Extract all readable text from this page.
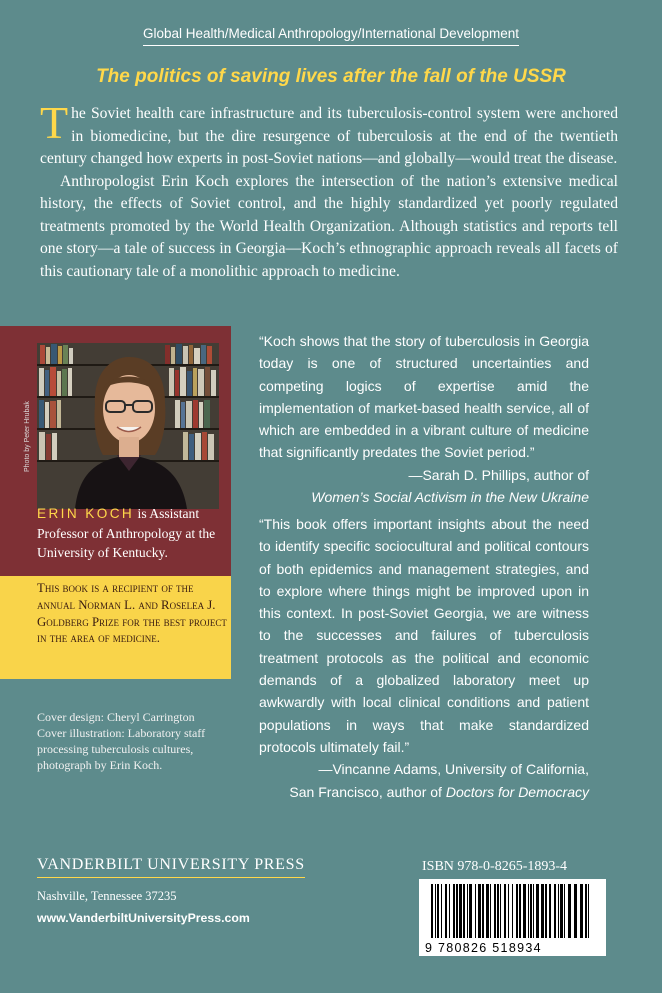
Global Health/Medical Anthropology/International Development
The politics of saving lives after the fall of the USSR

The Soviet health care infrastructure and its tuberculosis-control system were anchored in biomedicine, but the dire resurgence of tuberculosis at the end of the twentieth century changed how experts in post-Soviet nations—and globally—would treat the disease.

Anthropologist Erin Koch explores the intersection of the nation’s extensive medical history, the effects of Soviet control, and the highly standardized yet poorly regulated treatments promoted by the World Health Organization. Although statistics and reports tell one story—a tale of success in Georgia—Koch’s ethnographic approach reveals all facets of this cautionary tale of a monolithic approach to medicine.

Photo by Peter Hrubak
ERIN KOCH is Assistant Professor of Anthropology at the University of Kentucky.
This book is a recipient of the annual Norman L. and Roselea J. Goldberg Prize for the best project in the area of medicine.
Cover design: Cheryl Carrington
Cover illustration: Laboratory staff processing tuberculosis cultures, photograph by Erin Koch.
“Koch shows that the story of tuberculosis in Georgia today is one of structured uncertainties and competing logics of expertise amid the implementation of market-based health service, all of which are embedded in a vibrant culture of medicine that significantly predates the Soviet period.”
—Sarah D. Phillips, author of
Women’s Social Activism in the New Ukraine
“This book offers important insights about the need to identify specific sociocultural and political contours of both epidemics and management strategies, and to explore where things might be improved upon in this context. In post-Soviet Georgia, we are witness to the successes and failures of tuberculosis treatment protocols as the political and economic demands of a globalized laboratory meet up awkwardly with local clinical conditions and patient populations in ways that make standardized protocols ultimately fail.”
—Vincanne Adams, University of California,
San Francisco, author of Doctors for Democracy
VANDERBILT UNIVERSITY PRESS
Nashville, Tennessee 37235
www.VanderbiltUniversityPress.com
ISBN 978-0-8265-1893-4
9 780826 518934
